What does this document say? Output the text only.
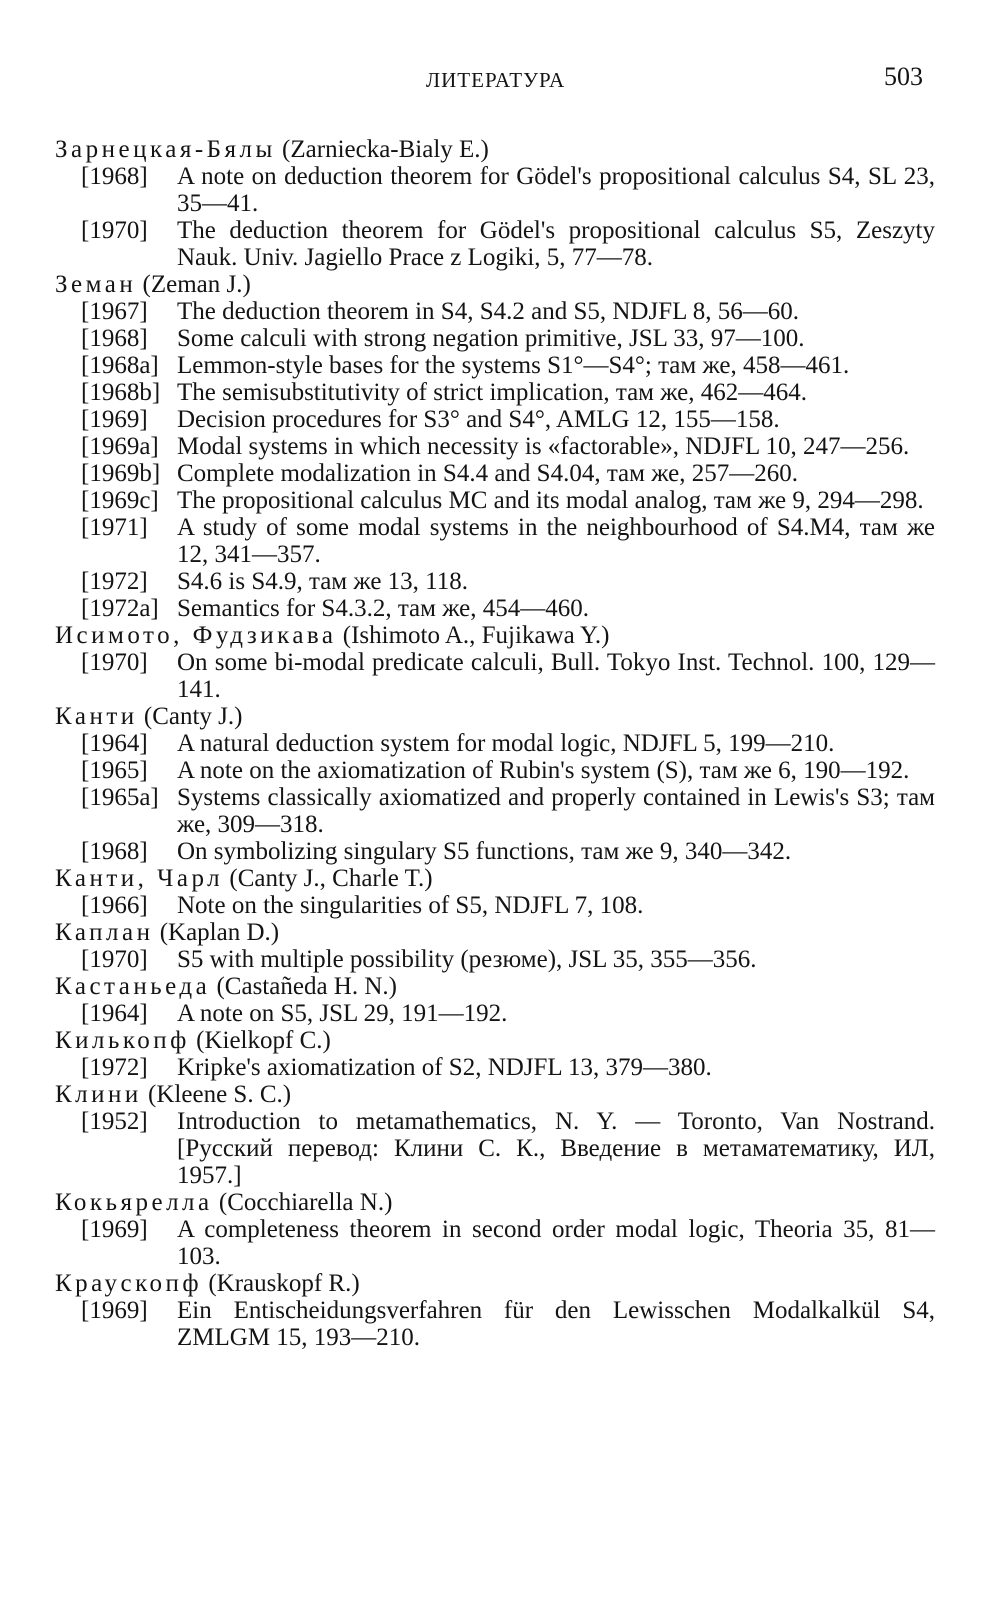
ЛИТЕРАТУРА	503
Зарнецкая-Бялы (Zarniecka-Bialy E.)
[1968]	A note on deduction theorem for Gödel's propositional calculus S4, SL 23, 35—41.
[1970]	The deduction theorem for Gödel's propositional calculus S5, Zeszyty Nauk. Univ. Jagiello Prace z Logiki, 5, 77—78.
Земан (Zeman J.)
[1967]	The deduction theorem in S4, S4.2 and S5, NDJFL 8, 56—60.
[1968]	Some calculi with strong negation primitive, JSL 33, 97—100.
[1968a] Lemmon-style bases for the systems S1°—S4°; там же, 458—461.
[1968b] The semisubstitutivity of strict implication, там же, 462—464.
[1969]	Decision procedures for S3° and S4°, AMLG 12, 155—158.
[1969a] Modal systems in which necessity is «factorable», NDJFL 10, 247—256.
[1969b] Complete modalization in S4.4 and S4.04, там же, 257—260.
[1969c] The propositional calculus MC and its modal analog, там же 9, 294—298.
[1971]	A study of some modal systems in the neighbourhood of S4.M4, там же 12, 341—357.
[1972]	S4.6 is S4.9, там же 13, 118.
[1972a] Semantics for S4.3.2, там же, 454—460.
Исимото, Фудзикава (Ishimoto A., Fujikawa Y.)
[1970]	On some bi-modal predicate calculi, Bull. Tokyo Inst. Technol. 100, 129—141.
Канти (Canty J.)
[1964]	A natural deduction system for modal logic, NDJFL 5, 199—210.
[1965]	A note on the axiomatization of Rubin's system (S), там же 6, 190—192.
[1965a] Systems classically axiomatized and properly contained in Lewis's S3; там же, 309—318.
[1968]	On symbolizing singulary S5 functions, там же 9, 340—342.
Канти, Чарл (Canty J., Charle T.)
[1966]	Note on the singularities of S5, NDJFL 7, 108.
Каплан (Kaplan D.)
[1970]	S5 with multiple possibility (резюме), JSL 35, 355—356.
Кастаньеда (Castañeda H. N.)
[1964]	A note on S5, JSL 29, 191—192.
Килькопф (Kielkopf C.)
[1972]	Kripke's axiomatization of S2, NDJFL 13, 379—380.
Клини (Kleene S. C.)
[1952]	Introduction to metamathematics, N. Y. — Toronto, Van Nostrand. [Русский перевод: Клини С. К., Введение в метаматематику, ИЛ, 1957.]
Кокьярелла (Cocchiarella N.)
[1969]	A completeness theorem in second order modal logic, Theoria 35, 81—103.
Краускопф (Krauskopf R.)
[1969]	Ein Entischeidungsverfahren für den Lewisschen Modalkalkül S4, ZMLGM 15, 193—210.
